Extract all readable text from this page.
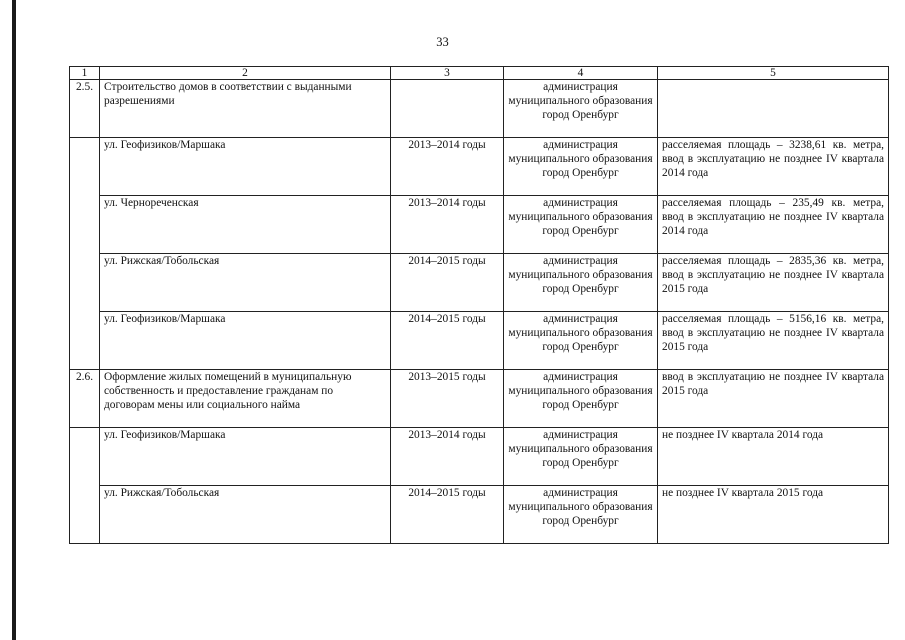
33
1	2	3	4	5
2.5.	Строительство домов в соответствии с выданными разрешениями		администрация муниципального образования город Оренбург	
	ул. Геофизиков/Маршака	2013–2014 годы	администрация муниципального образования город Оренбург	расселяемая площадь – 3238,61 кв. метра, ввод в эксплуатацию не позднее IV квартала 2014 года
	ул. Чернореченская	2013–2014 годы	администрация муниципального образования город Оренбург	расселяемая площадь – 235,49 кв. метра, ввод в эксплуатацию не позднее IV квартала 2014 года
	ул. Рижская/Тобольская	2014–2015 годы	администрация муниципального образования город Оренбург	расселяемая площадь – 2835,36 кв. метра, ввод в эксплуатацию не позднее IV квартала 2015 года
	ул. Геофизиков/Маршака	2014–2015 годы	администрация муниципального образования город Оренбург	расселяемая площадь – 5156,16 кв. метра, ввод в эксплуатацию не позднее IV квартала 2015 года
2.6.	Оформление жилых помещений в муниципальную собственность и предоставление гражданам по договорам мены или социального найма	2013–2015 годы	администрация муниципального образования город Оренбург	ввод в эксплуатацию не позднее IV квартала 2015 года
	ул. Геофизиков/Маршака	2013–2014 годы	администрация муниципального образования город Оренбург	не позднее IV квартала 2014 года
	ул. Рижская/Тобольская	2014–2015 годы	администрация муниципального образования город Оренбург	не позднее IV квартала 2015 года
